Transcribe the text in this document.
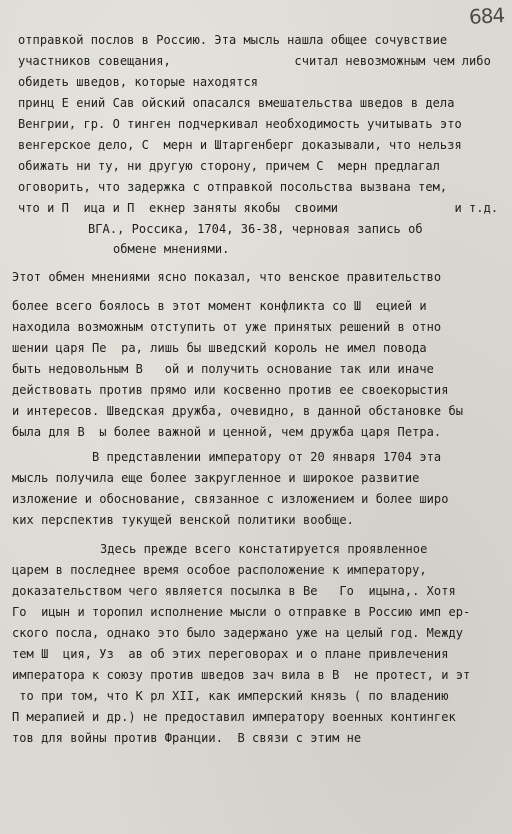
684
отправкой послов в Россию. Эта мысль нашла общее сочувствие
участников совещания,                 считал невозможным чем либо
обидеть шведов, которые находятся
принц Е ений Сав ойский опасался вмешательства шведов в дела
Венгрии, гр. О тинген подчеркивал необходимость учитывать это
венгерское дело, С  мерн и Штаргенберг доказывали, что нельзя
обижать ни ту, ни другую сторону, причем С  мерн предлагал
оговорить, что задержка с отправкой посольства вызвана тем,
что и П  ица и П  екнер заняты якобы  своими                и т.д.
ВГА., Россика, 1704, 36-38, черновая запись об
обмене мнениями.
Этот обмен мнениями ясно показал, что венское правительство
более всего боялось в этот момент конфликта со Ш  ецией и
находила возможным отступить от уже принятых решений в отно
шении царя Пе  ра, лишь бы шведский король не имел повода
быть недовольным В   ой и получить основание так или иначе
действовать против прямо или косвенно против ее своекорыстия
и интересов. Шведская дружба, очевидно, в данной обстановке бы
была для В  ы более важной и ценной, чем дружба царя Петра.
В представлении императору от 20 января 1704 эта
мысль получила еще более закругленное и широкое развитие
изложение и обоснование, связанное с изложением и более широ
ких перспектив тукущей венской политики вообще.
Здесь прежде всего констатируется проявленное
царем в последнее время особое расположение к императору,
доказательством чего является посылка в Ве   Го  ицына,. Хотя
Го  ицын и торопил исполнение мысли о отправке в Россию имп ер-
ского посла, однако это было задержано уже на целый год. Между
тем Ш  ция, Уз  ав об этих переговорах и о плане привлечения
императора к союзу против шведов зач вила в В  не протест, и эт
то при том, что К рл XII, как имперский князь ( по владению
П мерапией и др.) не предоставил императору военных контингек
тов для войны против Франции.  В связи с этим не
